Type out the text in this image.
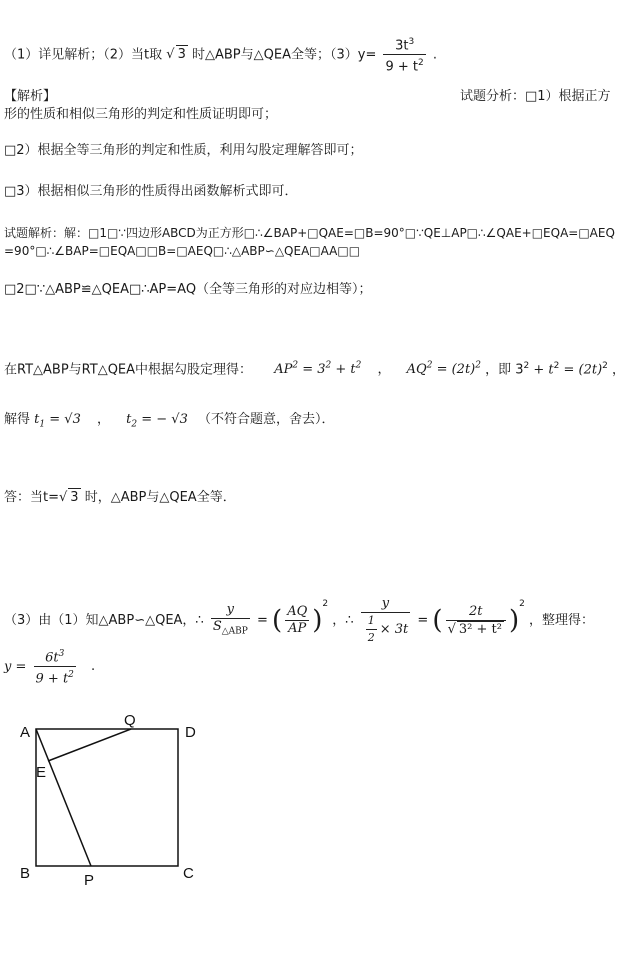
（1）详见解析；（2）当t取 √ 3 时△ABP与△QEA全等；$(3)y= \frac{3t^3}{9 + t^2}$ .
【解析】	试题分析：□1）根据正方
形的性质和相似三角形的判定和性质证明即可；
□2）根据全等三角形的判定和性质，利用勾股定理解答即可；
□3）根据相似三角形的性质得出函数解析式即可．
试题解析：解：□1□∵四边形ABCD为正方形□∴∠BAP+□QAE=□B=90°□∵QE⊥AP□∴∠QAE+□EQA=□AEQ
=90°□∴∠BAP=□EQA□□B=□AEQ□∴△ABP∽△QEA□AA□□
□2□∵△ABP≌△QEA□∴AP=AQ（全等三角形的对应边相等）；
在RT△ABP与RT△QEA中根据勾股定理得： $AP^2 = 3^2 + t^2$ ， $AQ^2 = (2t)^2$ ，即 $3^2 + t^2 = (2t)^2$ ，
解得 $t_1 = √3$ ， $t_2$ = − √3 （不符合题意，舍去）．
答：当t=√ 3 时，△ABP与△QEA全等．
（3）由（1）知△ABP∽△QEA，∴ $\frac{y}{S_{\triangle ABP}}$ = ( $\frac{AQ}{AP} )^2$ ，∴ $\frac{y}{\frac{1}{2} \times 3t}$ = ( $\frac{2t}{\text{√ 3² + t²}} )^2$ ，整理得：
$y = \frac{6t^3}{9 + t^2}$ .
A	D
Q
E
B	C
P
